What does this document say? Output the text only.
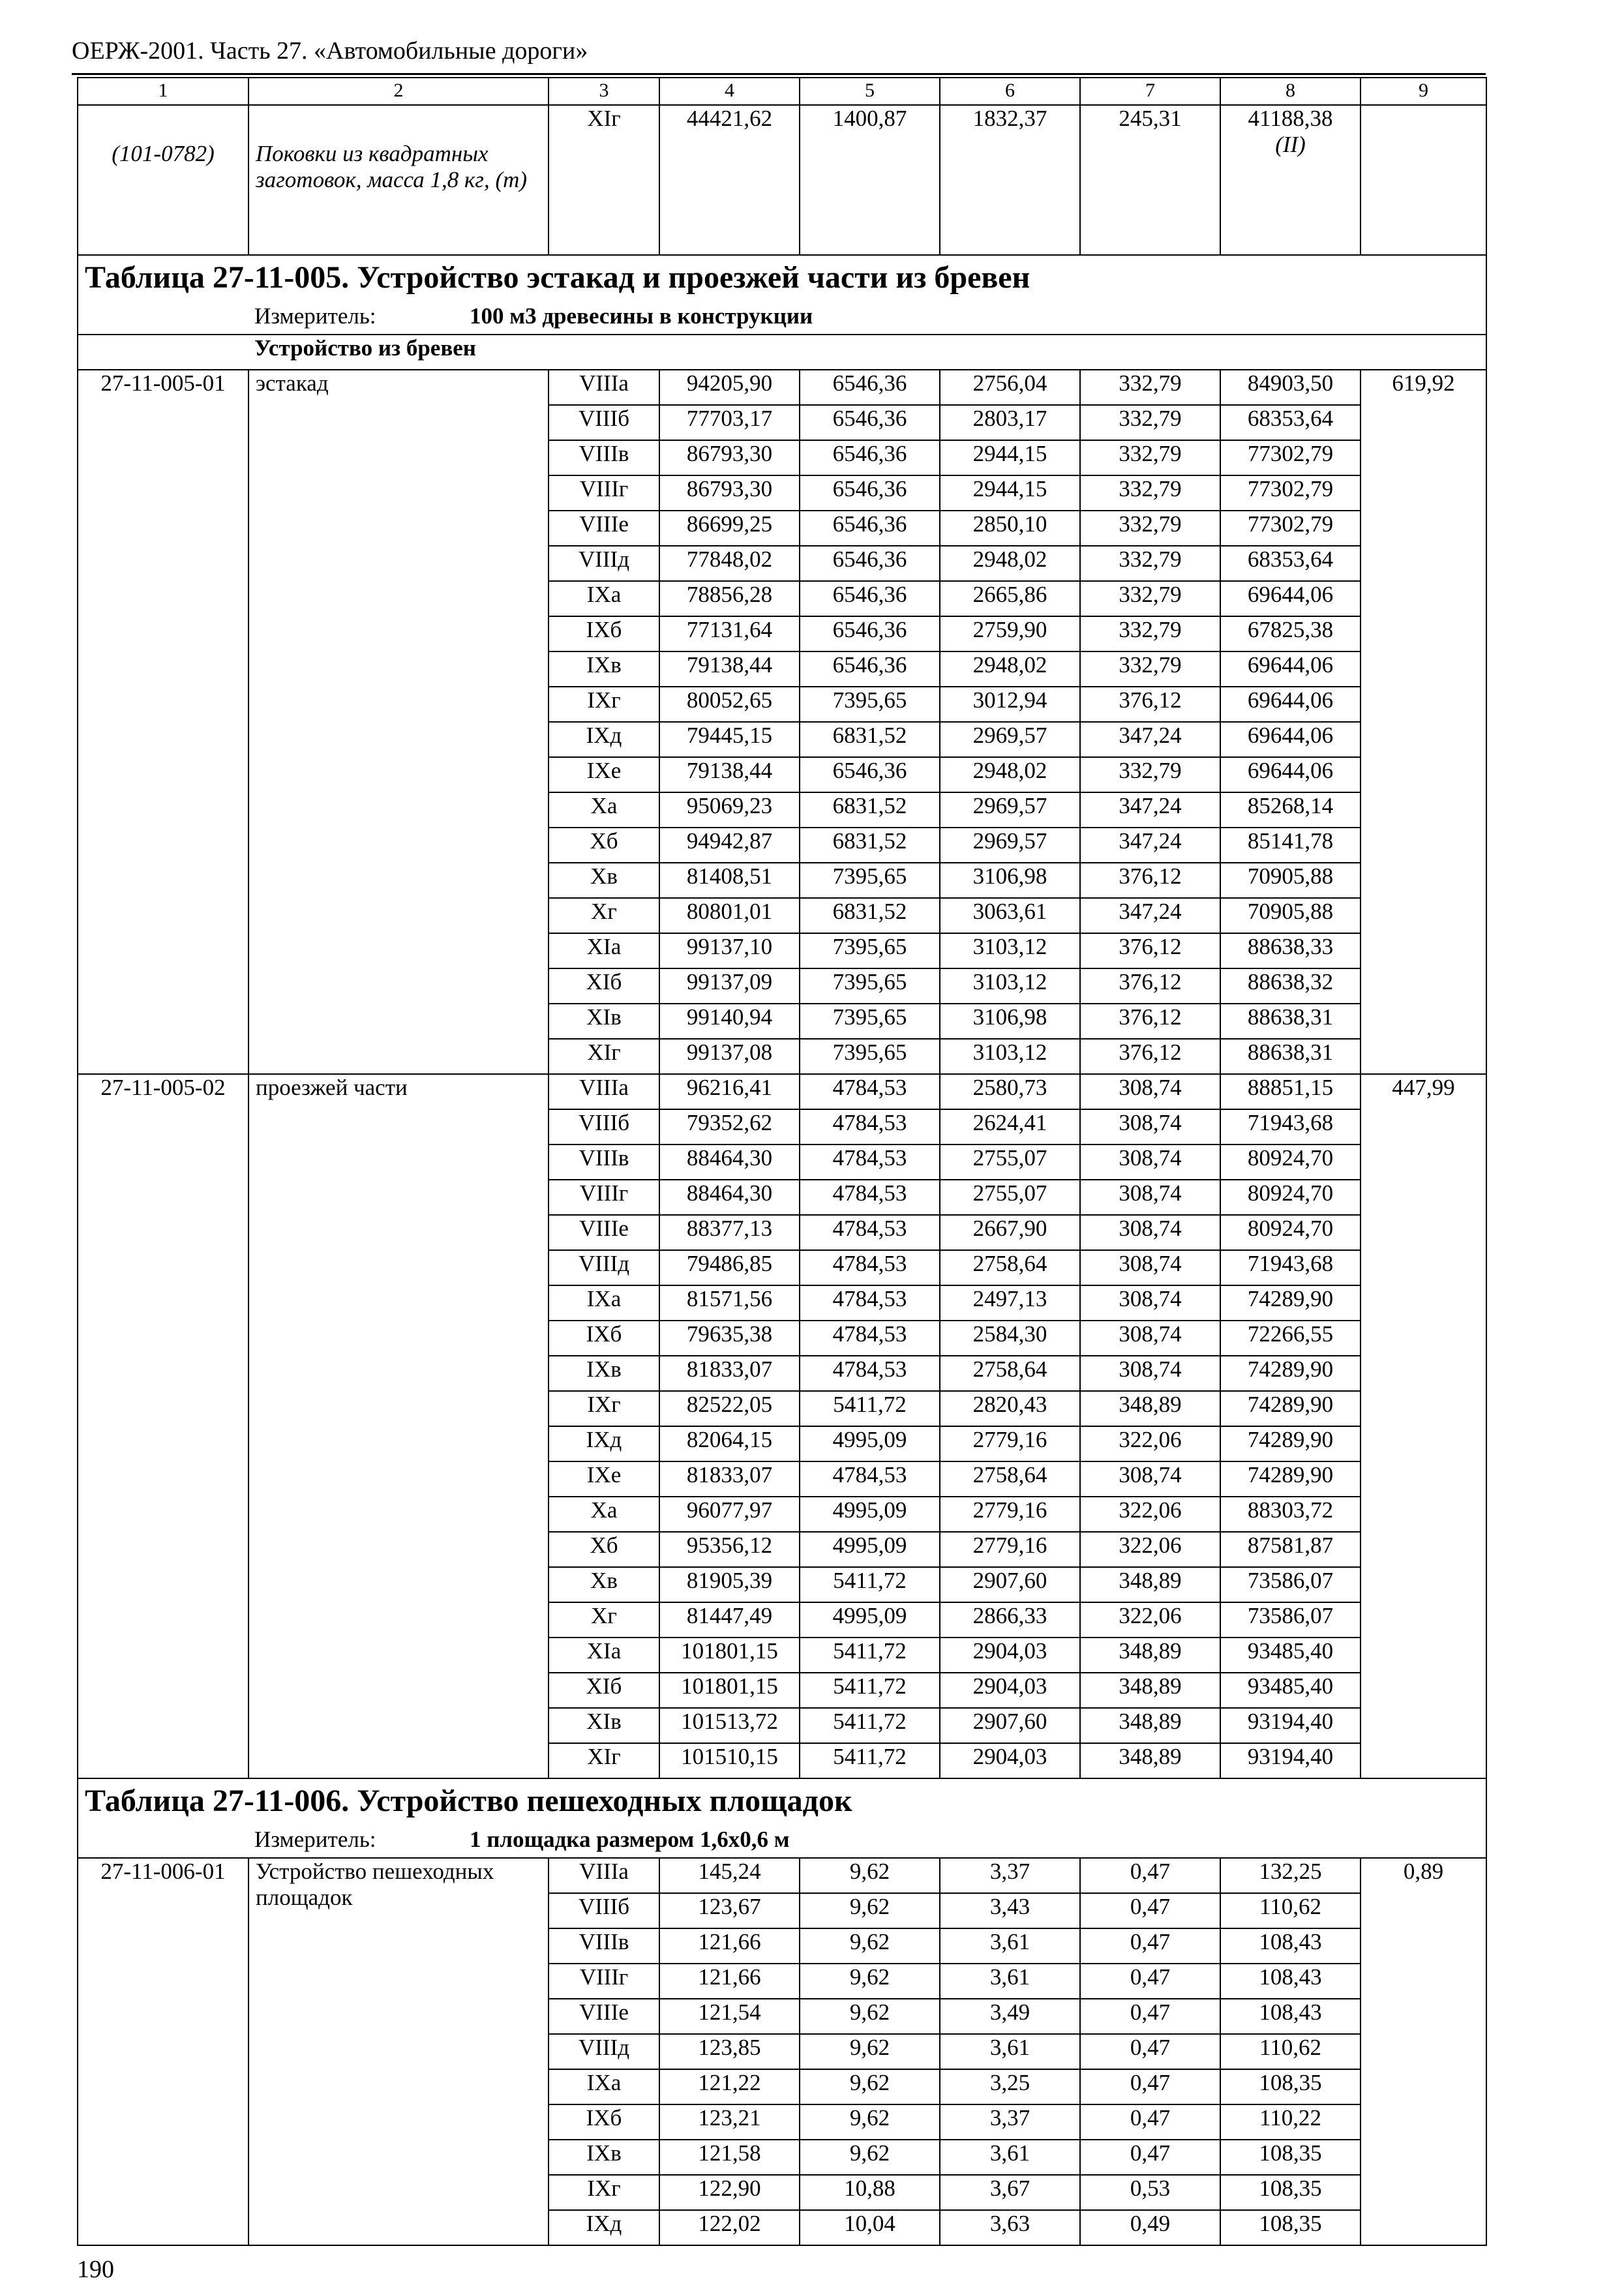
ОЕРЖ-2001. Часть 27. «Автомобильные дороги»
1	2	3	4	5	6	7	8	9
(101-0782)	Поковки из квадратных заготовок, масса 1,8 кг, (т)	XIг	44421,62	1400,87	1832,37	245,31	41188,38
(II)	

Таблица 27-11-005. Устройство эстакад и проезжей части из бревен								
Измеритель: 100 м3 древесины в конструкции								
Устройство из бревен								
27-11-005-01	эстакад	VIIIа	94205,90	6546,36	2756,04	332,79	84903,50	619,92
		VIIIб	77703,17	6546,36	2803,17	332,79	68353,64	
		VIIIв	86793,30	6546,36	2944,15	332,79	77302,79	
		VIIIг	86793,30	6546,36	2944,15	332,79	77302,79	
		VIIIе	86699,25	6546,36	2850,10	332,79	77302,79	
		VIIIд	77848,02	6546,36	2948,02	332,79	68353,64	
		IXа	78856,28	6546,36	2665,86	332,79	69644,06	
		IXб	77131,64	6546,36	2759,90	332,79	67825,38	
		IXв	79138,44	6546,36	2948,02	332,79	69644,06	
		IXг	80052,65	7395,65	3012,94	376,12	69644,06	
		IXд	79445,15	6831,52	2969,57	347,24	69644,06	
		IXе	79138,44	6546,36	2948,02	332,79	69644,06	
		Xа	95069,23	6831,52	2969,57	347,24	85268,14	
		Xб	94942,87	6831,52	2969,57	347,24	85141,78	
		Xв	81408,51	7395,65	3106,98	376,12	70905,88	
		Xг	80801,01	6831,52	3063,61	347,24	70905,88	
		XIа	99137,10	7395,65	3103,12	376,12	88638,33	
		XIб	99137,09	7395,65	3103,12	376,12	88638,32	
		XIв	99140,94	7395,65	3106,98	376,12	88638,31	
		XIг	99137,08	7395,65	3103,12	376,12	88638,31	
27-11-005-02	проезжей части	VIIIа	96216,41	4784,53	2580,73	308,74	88851,15	447,99
		VIIIб	79352,62	4784,53	2624,41	308,74	71943,68	
		VIIIв	88464,30	4784,53	2755,07	308,74	80924,70	
		VIIIг	88464,30	4784,53	2755,07	308,74	80924,70	
		VIIIе	88377,13	4784,53	2667,90	308,74	80924,70	
		VIIIд	79486,85	4784,53	2758,64	308,74	71943,68	
		IXа	81571,56	4784,53	2497,13	308,74	74289,90	
		IXб	79635,38	4784,53	2584,30	308,74	72266,55	
		IXв	81833,07	4784,53	2758,64	308,74	74289,90	
		IXг	82522,05	5411,72	2820,43	348,89	74289,90	
		IXд	82064,15	4995,09	2779,16	322,06	74289,90	
		IXе	81833,07	4784,53	2758,64	308,74	74289,90	
		Xа	96077,97	4995,09	2779,16	322,06	88303,72	
		Xб	95356,12	4995,09	2779,16	322,06	87581,87	
		Xв	81905,39	5411,72	2907,60	348,89	73586,07	
		Xг	81447,49	4995,09	2866,33	322,06	73586,07	
		XIа	101801,15	5411,72	2904,03	348,89	93485,40	
		XIб	101801,15	5411,72	2904,03	348,89	93485,40	
		XIв	101513,72	5411,72	2907,60	348,89	93194,40	
		XIг	101510,15	5411,72	2904,03	348,89	93194,40	
Таблица 27-11-006. Устройство пешеходных площадок								
Измеритель: 1 площадка размером 1,6х0,6 м								
27-11-006-01	Устройство пешеходных площадок	VIIIа	145,24	9,62	3,37	0,47	132,25	0,89
		VIIIб	123,67	9,62	3,43	0,47	110,62	
		VIIIв	121,66	9,62	3,61	0,47	108,43	
		VIIIг	121,66	9,62	3,61	0,47	108,43	
		VIIIе	121,54	9,62	3,49	0,47	108,43	
		VIIIд	123,85	9,62	3,61	0,47	110,62	
		IXа	121,22	9,62	3,25	0,47	108,35	
		IXб	123,21	9,62	3,37	0,47	110,22	
		IXв	121,58	9,62	3,61	0,47	108,35	
		IXг	122,90	10,88	3,67	0,53	108,35	
		IXд	122,02	10,04	3,63	0,49	108,35	
190
